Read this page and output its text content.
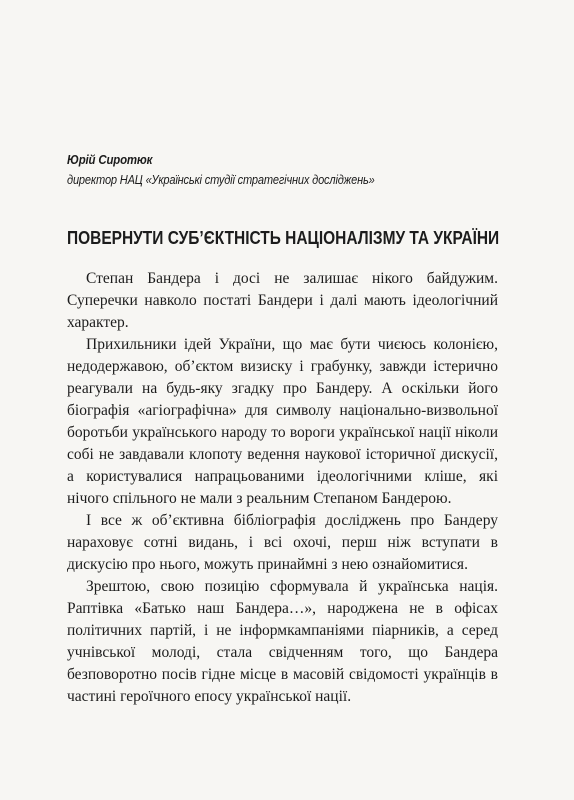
Юрій Сиротюк
директор НАЦ «Українські студії стратегічних досліджень»
ПОВЕРНУТИ СУБ’ЄКТНІСТЬ НАЦІОНАЛІЗМУ ТА УКРАЇНИ

Степан Бандера і досі не залишає нікого байдужим. Суперечки навколо постаті Бандери і далі мають ідеологічний характер.

Прихильники ідей України, що має бути чиєюсь колонією, недодержавою, об’єктом визиску і грабунку, завжди істерично реагували на будь-яку згадку про Бандеру. А оскільки його біографія «агіографічна» для символу національно-визвольної боротьби українського народу то вороги української нації ніколи собі не завдавали клопоту ведення наукової історичної дискусії, а користувалися напрацьованими ідеологічними кліше, які нічого спільного не мали з реальним Степаном Бандерою.

І все ж об’єктивна бібліографія досліджень про Бандеру нараховує сотні видань, і всі охочі, перш ніж вступати в дискусію про нього, можуть принаймні з нею ознайомитися.

Зрештою, свою позицію сформувала й українська нація. Раптівка «Батько наш Бандера…», народжена не в офісах політичних партій, і не інформкампаніями піарників, а серед учнівської молоді, стала свідченням того, що Бандера безповоротно посів гідне місце в масовій свідомості українців в частині героїчного епосу української нації.
